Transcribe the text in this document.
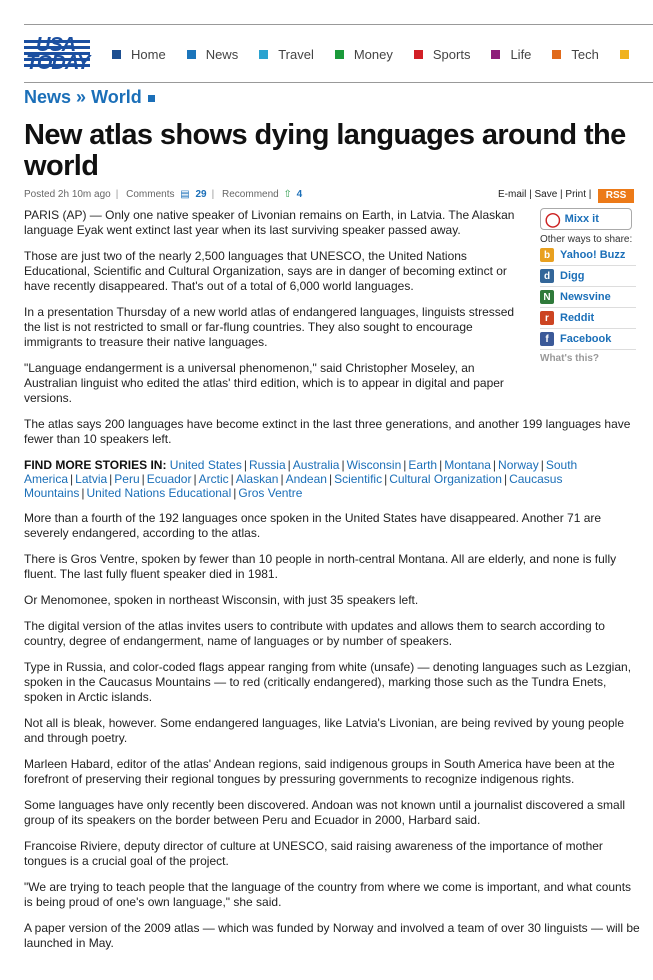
USA
TODAY	Home	News	Travel	Money	Sports	Life	Tech
News » World
New atlas shows dying languages around the world
Posted 2h 10m ago | Comments ▤ 29 | Recommend ⇧ 4	E-mail | Save | Print |	RSS
◯ Mixx it
Other ways to share:
b Yahoo! Buzz
d Digg
N Newsvine
r	Reddit
f	Facebook
What's this?

PARIS (AP) — Only one native speaker of Livonian remains on Earth, in Latvia. The Alaskan language Eyak went extinct last year when its last surviving speaker passed away.

Those are just two of the nearly 2,500 languages that UNESCO, the United Nations Educational, Scientific and Cultural Organization, says are in danger of becoming extinct or have recently disappeared. That's out of a total of 6,000 world languages.

In a presentation Thursday of a new world atlas of endangered languages, linguists stressed the list is not restricted to small or far-flung countries. They also sought to encourage immigrants to treasure their native languages.

"Language endangerment is a universal phenomenon," said Christopher Moseley, an Australian linguist who edited the atlas' third edition, which is to appear in digital and paper versions.

The atlas says 200 languages have become extinct in the last three generations, and another 199 languages have fewer than 10 speakers left.

FIND MORE STORIES IN: United States | Russia | Australia | Wisconsin | Earth | Montana | Norway | South America | Latvia | Peru | Ecuador | Arctic | Alaskan | Andean | Scientific | Cultural Organization | Caucasus Mountains | United Nations Educational | Gros Ventre

More than a fourth of the 192 languages once spoken in the United States have disappeared. Another 71 are severely endangered, according to the atlas.

There is Gros Ventre, spoken by fewer than 10 people in north-central Montana. All are elderly, and none is fully fluent. The last fully fluent speaker died in 1981.

Or Menomonee, spoken in northeast Wisconsin, with just 35 speakers left.

The digital version of the atlas invites users to contribute with updates and allows them to search according to country, degree of endangerment, name of languages or by number of speakers.

Type in Russia, and color-coded flags appear ranging from white (unsafe) — denoting languages such as Lezgian, spoken in the Caucasus Mountains — to red (critically endangered), marking those such as the Tundra Enets, spoken in Arctic islands.

Not all is bleak, however. Some endangered languages, like Latvia's Livonian, are being revived by young people and through poetry.

Marleen Habard, editor of the atlas' Andean regions, said indigenous groups in South America have been at the forefront of preserving their regional tongues by pressuring governments to recognize indigenous rights.

Some languages have only recently been discovered. Andoan was not known until a journalist discovered a small group of its speakers on the border between Peru and Ecuador in 2000, Harbard said.

Francoise Riviere, deputy director of culture at UNESCO, said raising awareness of the importance of mother tongues is a crucial goal of the project.

"We are trying to teach people that the language of the country from where we come is important, and what counts is being proud of one's own language," she said.

A paper version of the 2009 atlas — which was funded by Norway and involved a team of over 30 linguists — will be launched in May.
